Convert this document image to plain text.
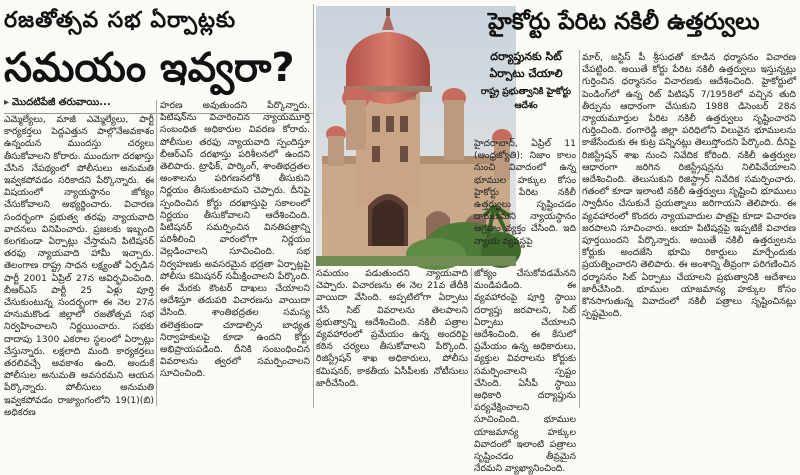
రజతోత్సవ సభ ఏర్పాట్లకు
సమయం ఇవ్వరా?
▸ మొదటిపేజీ తరువాయి...
ఎమ్మెల్యేలు, మాజీ ఎమ్మెల్యేలు, పార్టీ కార్యకర్తలు పెద్దఎత్తున పాల్గొనేఅవకాశం ఉన్నందున ముందస్తు చర్యలు తీసుకోవాలని కోరారు. ముందుగా దరఖాస్తు చేసిన నేపథ్యంలో పోలీసులు అనుమతి ఇవ్వకపోవడం సరికాదని పేర్కొన్నారు. ఈ విషయంలో న్యాయస్థానం జోక్యం చేసుకోవాలని అభ్యర్థించారు. విచారణ సందర్భంగా ప్రభుత్వ తరఫు న్యాయవాది వాదనలు వినిపించారు. ప్రజలకు ఇబ్బంది కలగకుండా ఏర్పాట్లు చేస్తామని పిటిషనర్ తరఫు న్యాయవాది హామీ ఇచ్చారు. తెలంగాణ రాష్ట్ర సాధన లక్ష్యంతో ఏర్పడిన పార్టీ 2001 ఏప్రిల్ 27న ఆవిర్భవించింది. బీఆర్ఎస్ పార్టీ 25 ఏళ్లు పూర్తి చేసుకుంటున్న సందర్భంగా ఈ నెల 27న హనుమకొండ జిల్లాలో రజతోత్సవ సభ నిర్వహించాలని నిర్ణయించారు. సభకు దాదాపు 1300 ఎకరాల స్థలంలో ఏర్పాట్లు చేస్తున్నారు. లక్షలాది మంది కార్యకర్తలు తరలివచ్చే అవకాశం ఉంది. అందుకే పోలీసుల అనుమతి అవసరమని ఆయన పేర్కొన్నారు. పోలీసులు అనుమతి ఇవ్వకపోవడం రాజ్యాంగంలోని 19(1)(బి) అధికరణ
హరణ అవుతుందని పేర్కొన్నారు. పిటిషన్‌ను విచారించిన న్యాయమూర్తి సంబంధిత అధికారుల వివరణ కోరారు. పోలీసుల తరఫు న్యాయవాది స్పందిస్తూ బీఆర్ఎస్ దరఖాస్తు పరిశీలనలో ఉందని తెలిపారు. ట్రాఫిక్, పార్కింగ్, శాంతిభద్రతల అంశాలను పరిగణనలోకి తీసుకుని నిర్ణయం తీసుకుంటామని చెప్పారు. దీనిపై స్పందించిన కోర్టు దరఖాస్తుపై సకాలంలో నిర్ణయం తీసుకోవాలని ఆదేశించింది. పిటిషనర్ సమర్పించిన వినతిపత్రాన్ని పరిశీలించి వారంలోగా నిర్ణయం వెల్లడించాలని సూచించింది. సభ నిర్వహణకు అవసరమైన భద్రతా ఏర్పాట్లపై పోలీసు కమిషనర్ సమీక్షించాలని పేర్కొంది. ఈ మేరకు కౌంటర్ దాఖలు చేయాలని ఆదేశిస్తూ తదుపరి విచారణను వాయిదా వేసింది. శాంతిభద్రతల సమస్య తలెత్తకుండా చూడాల్సిన బాధ్యత నిర్వాహకులపై కూడా ఉందని కోర్టు అభిప్రాయపడింది. దీనికి సంబంధించిన వివరాలను త్వరలో సమర్పించాలని సూచించింది.
హైకోర్టు పేరిట నకిలీ ఉత్తర్వులు
దర్యాప్తునకు సిట్ ఏర్పాటు చేయాలి
రాష్ట్ర ప్రభుత్వానికి హైకోర్టు ఆదేశం
హైదరాబాద్, ఏప్రిల్ 11 (ఆంధ్రజ్యోతి): నిజాం కాలం నుంచి వివాదంలో ఉన్న భూముల హక్కుల కోసం హైకోర్టు పేరిట నకిలీ ఉత్తర్వులు సృష్టించడం దారుణమని న్యాయస్థానం ఆగ్రహం వ్యక్తం చేసింది. ఇది న్యాయ వ్యవస్థపై
సమయం పడుతుందని న్యాయవాది చెప్పారు. విచారణను ఈ నెల 21వ తేదీకి వాయిదా వేసింది. అప్పటిలోగా ఏర్పాటు చేసే సిట్ వివరాలను తెలపాలని ప్రభుత్వాన్ని ఆదేశించింది. నకిలీ పత్రాల వ్యవహారంలో ప్రమేయం ఉన్న అందరిపై కఠిన చర్యలు తీసుకోవాలని పేర్కొంది. రిజిస్ట్రేషన్ శాఖ అధికారులు, పోలీసు కమిషనర్, కాకతీయ ఏసీపీలకు నోటీసులు జారీచేసింది.
జోక్యం చేసుకోవడమేనని మండిపడింది. ఈ వ్యవహారంపై పూర్తి స్థాయి దర్యాప్తు జరపాలని, సిట్ ఏర్పాటు చేయాలని ఆదేశించింది. ఈ కేసులో ప్రమేయం ఉన్న అధికారులు, వ్యక్తుల వివరాలను కోర్టుకు సమర్పించాలని స్పష్టం చేసింది. ఏసీపీ స్థాయి అధికారి దర్యాప్తును పర్యవేక్షించాలని సూచించింది. భూముల యాజమాన్య హక్కుల వివాదంలో ఇలాంటి పత్రాలు సృష్టించడం తీవ్రమైన నేరమని వ్యాఖ్యానించింది.
మార్, జస్టిస్ పీ శ్రీసుధతో కూడిన ధర్మాసనం విచారణ చేపట్టింది. అయితే కోర్టు పేరిట నకిలీ ఉత్తర్వులు ఇస్తున్నట్లు గుర్తించిన ధర్మాసనం విచారణకు ఆదేశించింది. హైకోర్టులో పెండింగ్‌లో ఉన్న రిట్ పిటిషన్ 7/1958లో వచ్చిన తుది తీర్పును ఆధారంగా చేసుకుని 1988 డిసెంబర్ 28న న్యాయమూర్తుల పేరిట నకిలీ ఉత్తర్వులు సృష్టించారని గుర్తించింది. రంగారెడ్డి జిల్లా పరిధిలోని విలువైన భూములను కాజేసేందుకు ఈ కుట్ర పన్నినట్లు తెలుస్తోందని పేర్కొంది. దీనిపై రిజిస్ట్రేషన్ శాఖ నుంచి నివేదిక కోరింది. నకిలీ ఉత్తర్వుల ఆధారంగా జరిగిన రిజిస్ట్రేషన్లను నిలిపివేయాలని ఆదేశించింది. తెలుసుకుని రిజిస్ట్రార్ నివేదిక సమర్పించారు. గతంలో కూడా ఇలాంటి నకిలీ ఉత్తర్వులు సృష్టించి భూములు స్వాధీనం చేసుకునే ప్రయత్నాలు జరిగాయని తెలిపారు. ఈ వ్యవహారంలో కొందరు న్యాయవాదుల పాత్రపై కూడా విచారణ జరపాలని సూచించారు. ఆయా పిటిషన్లపై ఇప్పటికే విచారణ పూర్తయిందని పేర్కొన్నారు. అయితే నకిలీ ఉత్తర్వులను కోర్టుకు అందజేసి భూమి రికార్డులు మార్చేందుకు ప్రయత్నించారని తెలిపారు. ఈ అంశాన్ని తీవ్రంగా పరిగణించిన ధర్మాసనం సిట్ ఏర్పాటు చేయాలని ప్రభుత్వానికి ఆదేశాలు జారీచేసింది. భూముల యాజమాన్య హక్కుల కోసం కొనసాగుతున్న వివాదంలో నకిలీ పత్రాలు సృష్టించినట్లు స్పష్టమైంది.
